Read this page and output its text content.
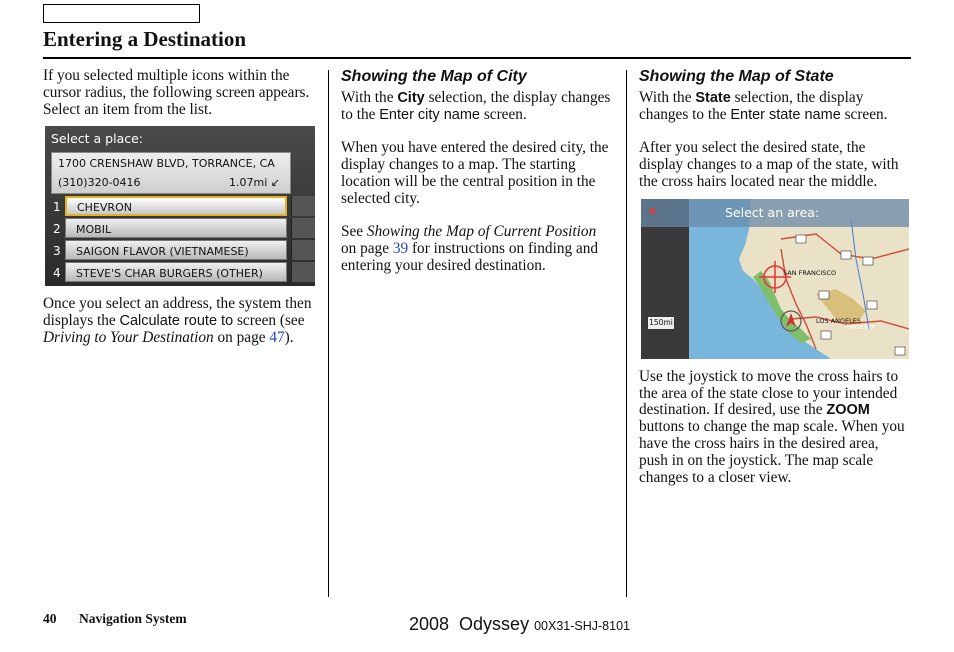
Entering a Destination

If you selected multiple icons within the cursor radius, the following screen appears. Select an item from the list.

Select a place:
1700 CRENSHAW BLVD, TORRANCE, CA
(310)320-0416	1.07mi ↙
1	CHEVRON
2	MOBIL
3	SAIGON FLAVOR (VIETNAMESE)
4	STEVE'S CHAR BURGERS (OTHER)

Once you select an address, the system then displays the Calculate route to screen (see Driving to Your Destination on page 47).

Showing the Map of City

With the City selection, the display changes to the Enter city name screen.

When you have entered the desired city, the display changes to a map. The starting location will be the central position in the selected city.

See Showing the Map of Current Position on page 39 for instructions on finding and entering your desired destination.

Showing the Map of State

With the State selection, the display changes to the Enter state name screen.

After you select the desired state, the display changes to a map of the state, with the cross hairs located near the middle.

N	Select an area:
SAN FRANCISCO
LOS ANGELES
PHOENIX
150mi

Use the joystick to move the cross hairs to the area of the state close to your intended destination. If desired, use the ZOOM buttons to change the map scale. When you have the cross hairs in the desired area, push in on the joystick. The map scale changes to a closer view.

40 Navigation System	2008  Odyssey 00X31-SHJ-8101
